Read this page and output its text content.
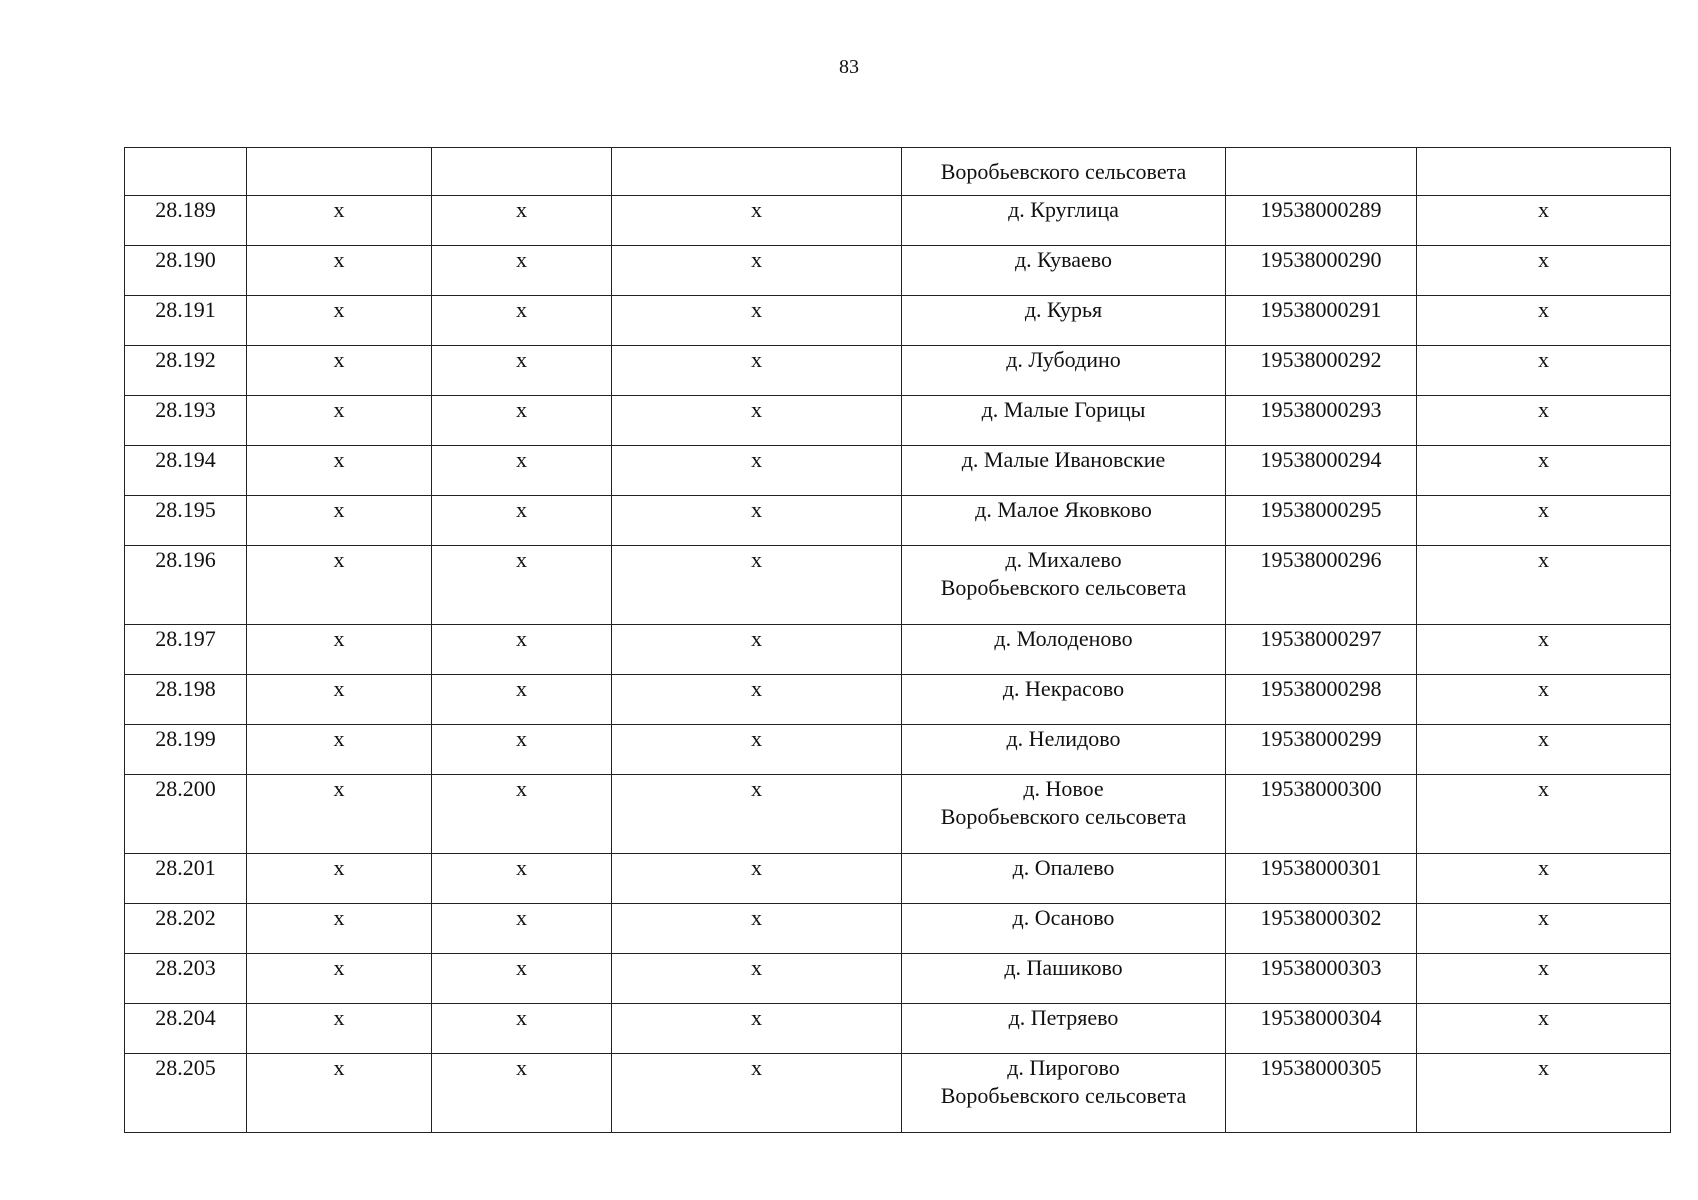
83
				Воробьевского сельсовета		
28.189	х	х	х	д. Круглица	19538000289	х
28.190	х	х	х	д. Куваево	19538000290	х
28.191	х	х	х	д. Курья	19538000291	х
28.192	х	х	х	д. Лубодино	19538000292	х
28.193	х	х	х	д. Малые Горицы	19538000293	х
28.194	х	х	х	д. Малые Ивановские	19538000294	х
28.195	х	х	х	д. Малое Яковково	19538000295	х
28.196	х	х	х	д. Михалево
Воробьевского сельсовета	19538000296	х
28.197	х	х	х	д. Молоденово	19538000297	х
28.198	х	х	х	д. Некрасово	19538000298	х
28.199	х	х	х	д. Нелидово	19538000299	х
28.200	х	х	х	д. Новое
Воробьевского сельсовета	19538000300	х
28.201	х	х	х	д. Опалево	19538000301	х
28.202	х	х	х	д. Осаново	19538000302	х
28.203	х	х	х	д. Пашиково	19538000303	х
28.204	х	х	х	д. Петряево	19538000304	х
28.205	х	х	х	д. Пирогово
Воробьевского сельсовета	19538000305	х
